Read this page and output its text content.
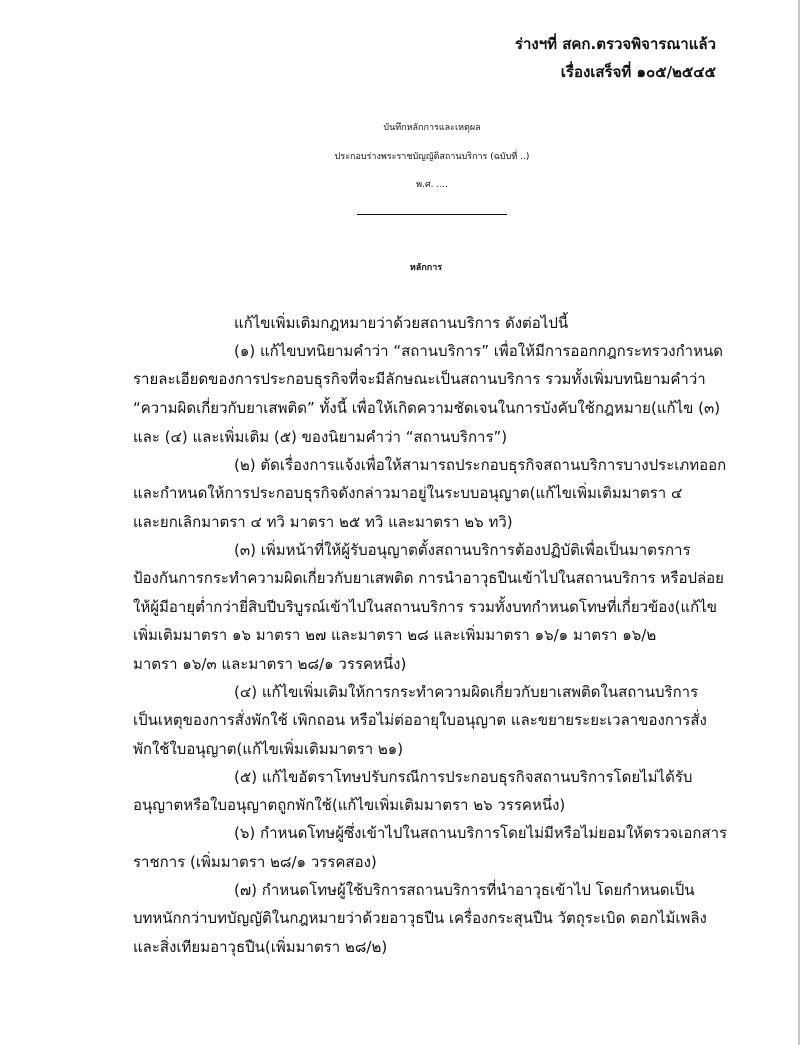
ร่างฯที่ สคก.ตรวจพิจารณาแล้ว
เรื่องเสร็จที่ ๑๐๕/๒๕๔๕
บันทึกหลักการและเหตุผล
ประกอบร่างพระราชบัญญัติสถานบริการ (ฉบับที่ ..)
พ.ศ. ....
หลักการ
แก้ไขเพิ่มเติมกฎหมายว่าด้วยสถานบริการ ดังต่อไปนี้
(๑) แก้ไขบทนิยามคำว่า “สถานบริการ” เพื่อให้มีการออกกฎกระทรวงกำหนด
รายละเอียดของการประกอบธุรกิจที่จะมีลักษณะเป็นสถานบริการ รวมทั้งเพิ่มบทนิยามคำว่า
“ความผิดเกี่ยวกับยาเสพติด” ทั้งนี้ เพื่อให้เกิดความชัดเจนในการบังคับใช้กฎหมาย(แก้ไข (๓)
และ (๔) และเพิ่มเติม (๕) ของนิยามคำว่า “สถานบริการ”)
(๒) ตัดเรื่องการแจ้งเพื่อให้สามารถประกอบธุรกิจสถานบริการบางประเภทออก
และกำหนดให้การประกอบธุรกิจดังกล่าวมาอยู่ในระบบอนุญาต(แก้ไขเพิ่มเติมมาตรา ๔
และยกเลิกมาตรา ๔ ทวิ มาตรา ๒๕ ทวิ และมาตรา ๒๖ ทวิ)
(๓) เพิ่มหน้าที่ให้ผู้รับอนุญาตตั้งสถานบริการต้องปฏิบัติเพื่อเป็นมาตรการ
ป้องกันการกระทำความผิดเกี่ยวกับยาเสพติด การนำอาวุธปืนเข้าไปในสถานบริการ หรือปล่อย
ให้ผู้มีอายุต่ำกว่ายี่สิบปีบริบูรณ์เข้าไปในสถานบริการ รวมทั้งบทกำหนดโทษที่เกี่ยวข้อง(แก้ไข
เพิ่มเติมมาตรา ๑๖ มาตรา ๒๗ และมาตรา ๒๘ และเพิ่มมาตรา ๑๖/๑ มาตรา ๑๖/๒
มาตรา ๑๖/๓ และมาตรา ๒๘/๑ วรรคหนึ่ง)
(๔) แก้ไขเพิ่มเติมให้การกระทำความผิดเกี่ยวกับยาเสพติดในสถานบริการ
เป็นเหตุของการสั่งพักใช้ เพิกถอน หรือไม่ต่ออายุใบอนุญาต และขยายระยะเวลาของการสั่ง
พักใช้ใบอนุญาต(แก้ไขเพิ่มเติมมาตรา ๒๑)
(๕) แก้ไขอัตราโทษปรับกรณีการประกอบธุรกิจสถานบริการโดยไม่ได้รับ
อนุญาตหรือใบอนุญาตถูกพักใช้(แก้ไขเพิ่มเติมมาตรา ๒๖ วรรคหนึ่ง)
(๖) กำหนดโทษผู้ซึ่งเข้าไปในสถานบริการโดยไม่มีหรือไม่ยอมให้ตรวจเอกสาร
ราชการ (เพิ่มมาตรา ๒๘/๑ วรรคสอง)
(๗) กำหนดโทษผู้ใช้บริการสถานบริการที่นำอาวุธเข้าไป โดยกำหนดเป็น
บทหนักกว่าบทบัญญัติในกฎหมายว่าด้วยอาวุธปืน เครื่องกระสุนปืน วัตถุระเบิด ดอกไม้เพลิง
และสิ่งเทียมอาวุธปืน(เพิ่มมาตรา ๒๘/๒)
